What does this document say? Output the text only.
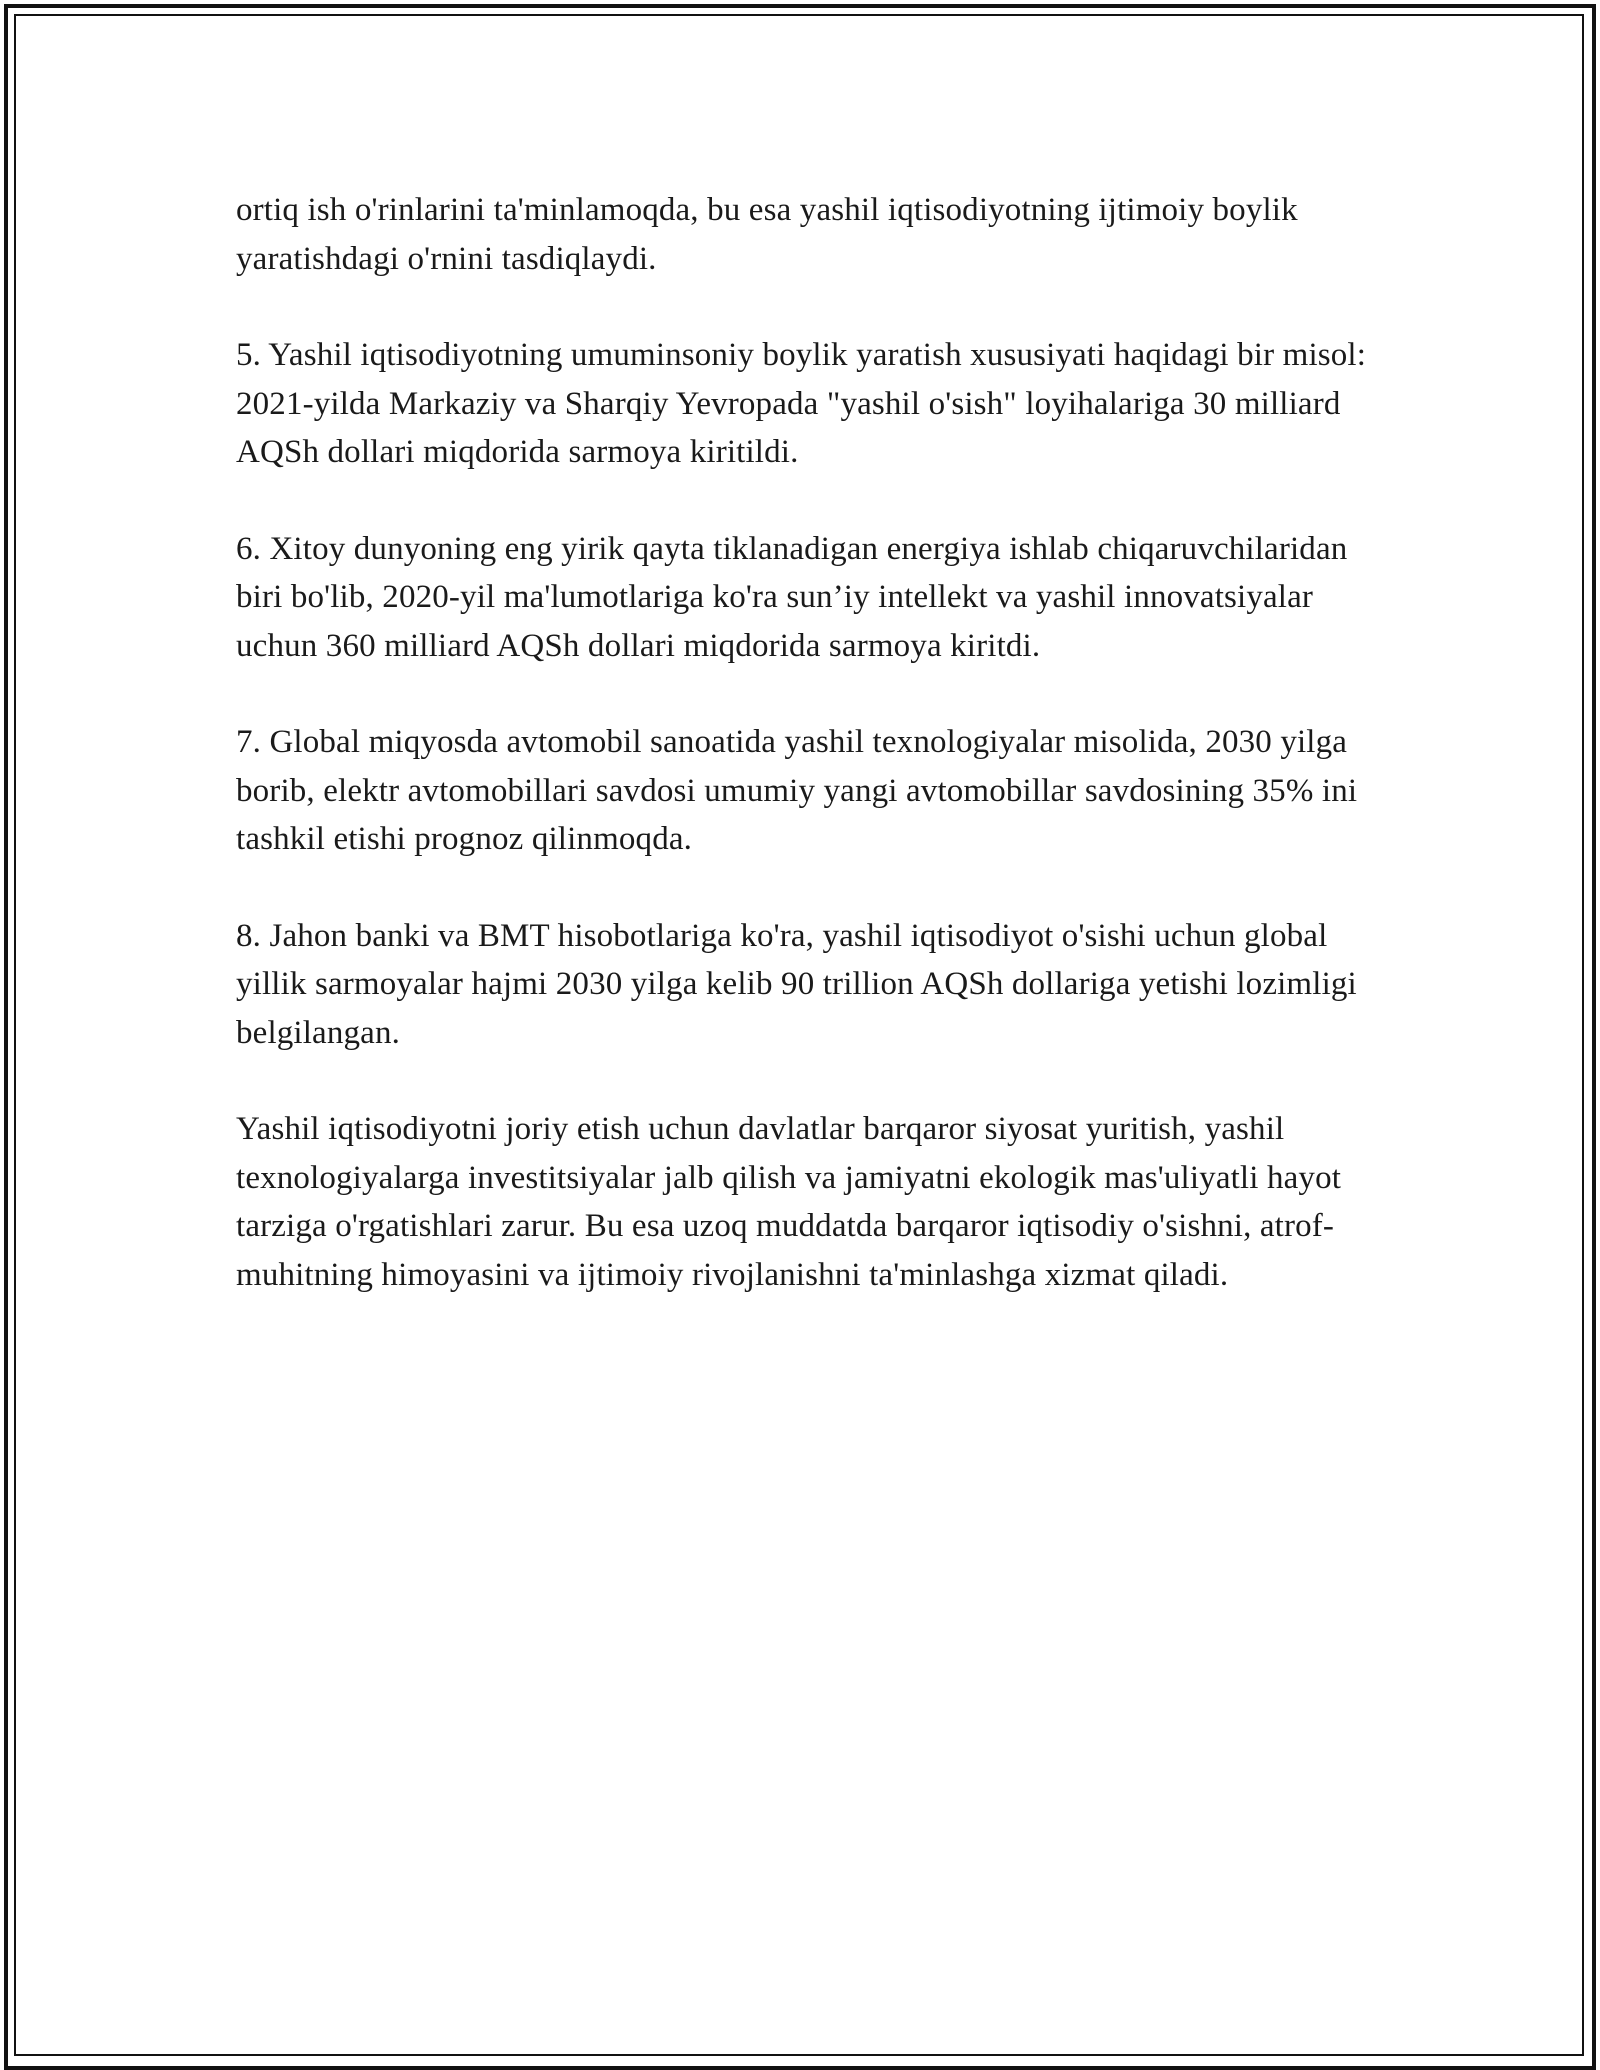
ortiq ish o'rinlarini ta'minlamoqda, bu esa yashil iqtisodiyotning ijtimoiy boylik yaratishdagi o'rnini tasdiqlaydi.

5. Yashil iqtisodiyotning umuminsoniy boylik yaratish xususiyati haqidagi bir misol: 2021-yilda Markaziy va Sharqiy Yevropada "yashil o'sish" loyihalariga 30 milliard AQSh dollari miqdorida sarmoya kiritildi.

6. Xitoy dunyoning eng yirik qayta tiklanadigan energiya ishlab chiqaruvchilaridan biri bo'lib, 2020-yil ma'lumotlariga ko'ra sun’iy intellekt va yashil innovatsiyalar uchun 360 milliard AQSh dollari miqdorida sarmoya kiritdi.

7. Global miqyosda avtomobil sanoatida yashil texnologiyalar misolida, 2030 yilga borib, elektr avtomobillari savdosi umumiy yangi avtomobillar savdosining 35% ini tashkil etishi prognoz qilinmoqda.

8. Jahon banki va BMT hisobotlariga ko'ra, yashil iqtisodiyot o'sishi uchun global yillik sarmoyalar hajmi 2030 yilga kelib 90 trillion AQSh dollariga yetishi lozimligi belgilangan.

Yashil iqtisodiyotni joriy etish uchun davlatlar barqaror siyosat yuritish, yashil texnologiyalarga investitsiyalar jalb qilish va jamiyatni ekologik mas'uliyatli hayot tarziga o'rgatishlari zarur. Bu esa uzoq muddatda barqaror iqtisodiy o'sishni, atrof-muhitning himoyasini va ijtimoiy rivojlanishni ta'minlashga xizmat qiladi.
